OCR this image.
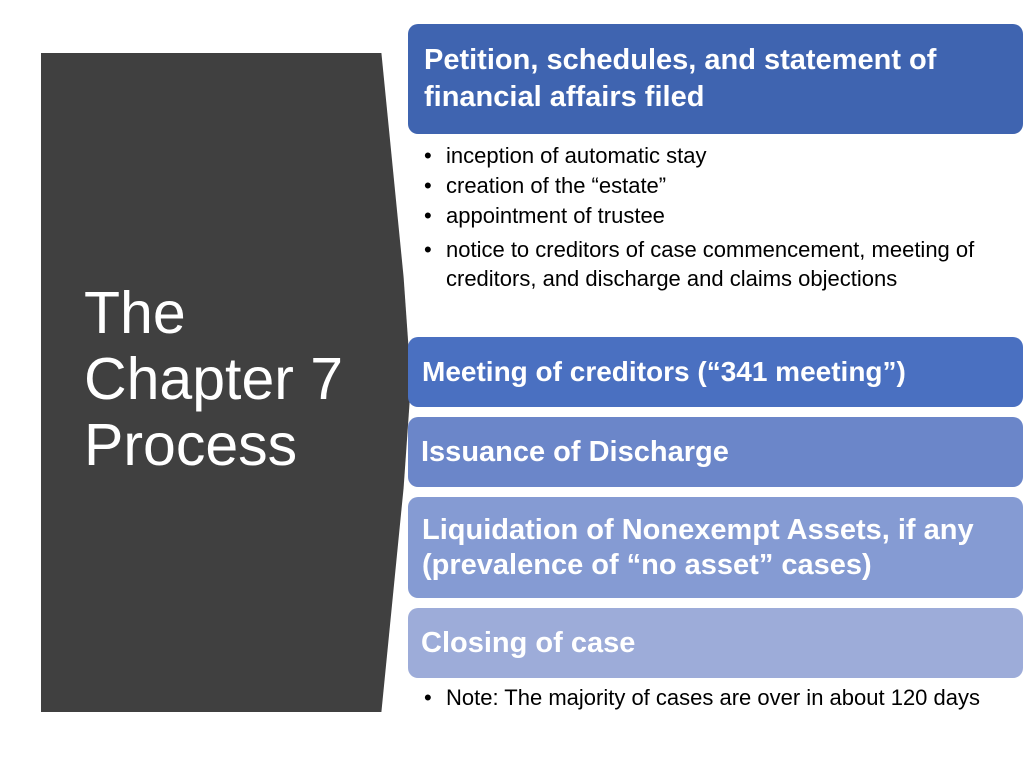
The
Chapter 7
Process
Petition, schedules, and statement of financial affairs filed
• inception of automatic stay
• creation of the “estate”
• appointment of trustee
• notice to creditors of case commencement, meeting of creditors, and discharge and claims objections
Meeting of creditors (“341 meeting”)
Issuance of Discharge
Liquidation of Nonexempt Assets, if any (prevalence of “no asset” cases)
Closing of case
• Note: The majority of cases are over in about 120 days
